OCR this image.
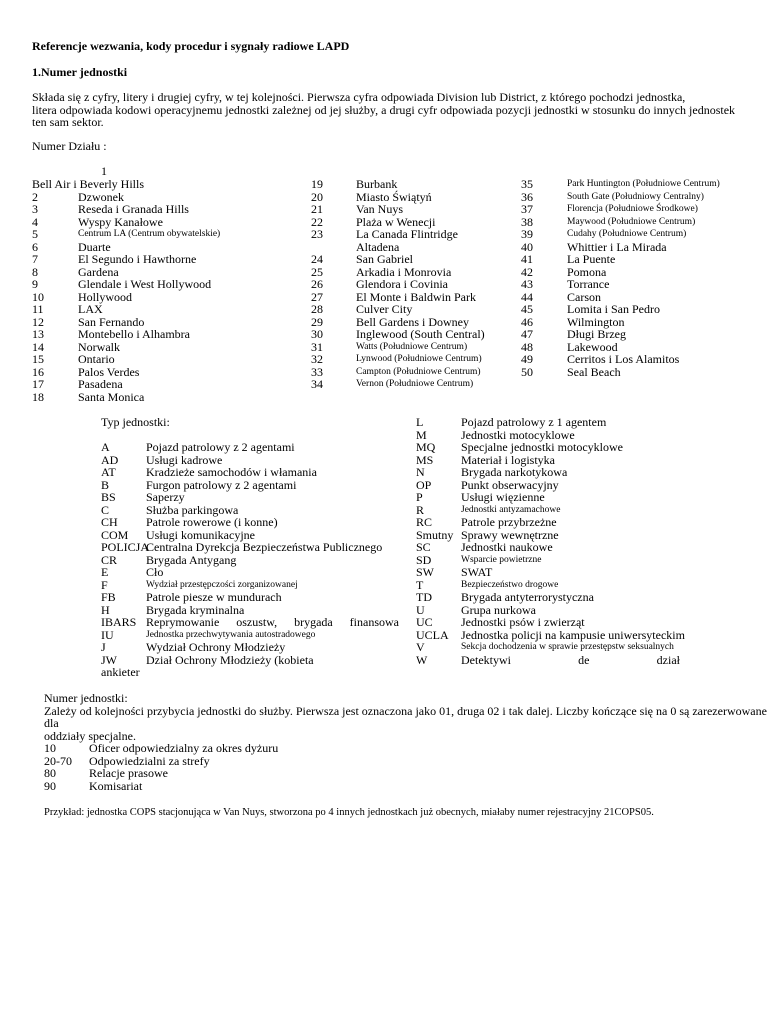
Referencje wezwania, kody procedur i sygnały radiowe LAPD
1.Numer jednostki
Składa się z cyfry, litery i drugiej cyfry, w tej kolejności. Pierwsza cyfra odpowiada Division lub District, z którego pochodzi jednostka,
litera odpowiada kodowi operacyjnemu jednostki zależnej od jej służby, a drugi cyfr odpowiada pozycji jednostki w stosunku do innych jednostek
ten sam sektor.
Numer Działu :
1
Bell Air i Beverly Hills
2	Dzwonek
3	Reseda i Granada Hills
4	Wyspy Kanałowe
5	Centrum LA (Centrum obywatelskie)
6	Duarte
7	El Segundo i Hawthorne
8	Gardena
9	Glendale i West Hollywood
10	Hollywood
11	LAX
12	San Fernando
13	Montebello i Alhambra
14	Norwalk
15	Ontario
16	Palos Verdes
17	Pasadena
18	Santa Monica
19	Burbank
20	Miasto Świątyń
21	Van Nuys
22	Plaża w Wenecji
23	La Canada Flintridge
Altadena
24	San Gabriel
25	Arkadia i Monrovia
26	Glendora i Covinia
27	El Monte i Baldwin Park
28	Culver City
29	Bell Gardens i Downey
30	Inglewood (South Central)
31	Watts (Południowe Centrum)
32	Lynwood (Południowe Centrum)
33	Campton (Południowe Centrum)
34	Vernon (Południowe Centrum)
35	Park Huntington (Południowe Centrum)
36	South Gate (Południowy Centralny)
37	Florencja (Południowe Środkowe)
38	Maywood (Południowe Centrum)
39	Cudahy (Południowe Centrum)
40	Whittier i La Mirada
41	La Puente
42	Pomona
43	Torrance
44	Carson
45	Lomita i San Pedro
46	Wilmington
47	Długi Brzeg
48	Lakewood
49	Cerritos i Los Alamitos
50	Seal Beach
Typ jednostki:
A	Pojazd patrolowy z 2 agentami
AD Usługi kadrowe
AT	Kradzieże samochodów i włamania
B	Furgon patrolowy z 2 agentami
BS	Saperzy
C	Służba parkingowa
CH Patrole rowerowe (i konne)
COM Usługi komunikacyjne
POLICJA
Centralna Dyrekcja Bezpieczeństwa Publicznego
CR Brygada Antygang
E	Cło
F	Wydział przestępczości zorganizowanej
FB	Patrole piesze w mundurach
H	Brygada kryminalna
IBARS Reprymowanie     oszustw,     brygada     finansowa
IU	Jednostka przechwytywania autostradowego
J	Wydział Ochrony Młodzieży
JW Dział Ochrony Młodzieży (kobieta
ankieter
L	Pojazd patrolowy z 1 agentem
M	Jednostki motocyklowe
MQ Specjalne jednostki motocyklowe
MS Materiał i logistyka
N	Brygada narkotykowa
OP Punkt obserwacyjny
P	Usługi więzienne
R	Jednostki antyzamachowe
RC Patrole przybrzeżne
Smutny Sprawy wewnętrzne
SC	Jednostki naukowe
SD	Wsparcie powietrzne
SW SWAT
T	Bezpieczeństwo drogowe
TD Brygada antyterrorystyczna
U	Grupa nurkowa
UC Jednostki psów i zwierząt
UCLA Jednostka policji na kampusie uniwersyteckim
V	Sekcja dochodzenia w sprawie przestępstw seksualnych
W	Detektywi     de     dział
Numer jednostki:
Zależy od kolejności przybycia jednostki do służby. Pierwsza jest oznaczona jako 01, druga 02 i tak dalej. Liczby kończące się na 0 są zarezerwowane dla
oddziały specjalne.
10	Oficer odpowiedzialny za okres dyżuru
20-70 Odpowiedzialni za strefy
80	Relacje prasowe
90	Komisariat
Przykład: jednostka COPS stacjonująca w Van Nuys, stworzona po 4 innych jednostkach już obecnych, miałaby numer rejestracyjny 21COPS05.
